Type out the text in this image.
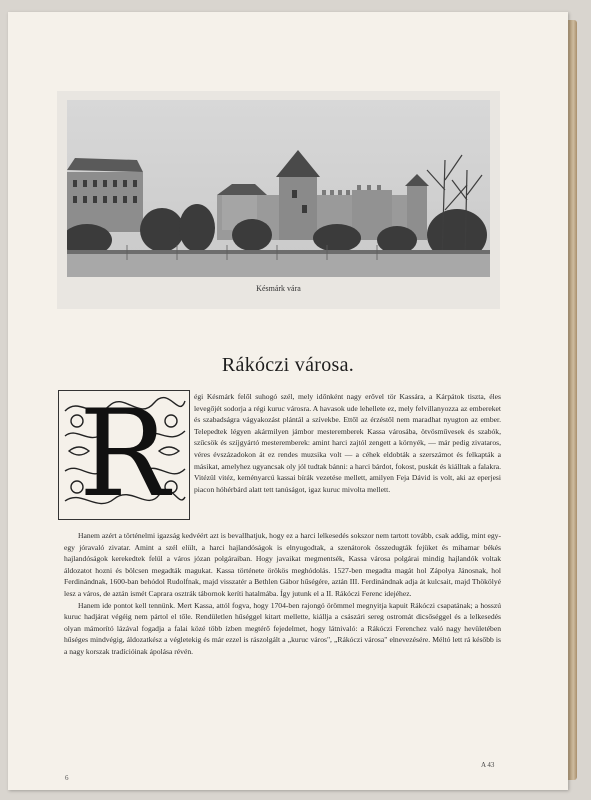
Késmárk vára
Rákóczi városa.
R	égi Késmárk felől suhogó szél, mely időnként nagy erővel tör Kassára, a Kárpátok tiszta, éles levegőjét sodorja a régi kuruc városra. A havasok ude lehellete ez, mely felvillanyozza az embereket és szabadságra vágyakozást plántál a szívekbe. Ettől az érzéstől nem maradhat nyugton az ember. Telepedtek légyen akármilyen jámbor mesteremberek Kassa városába, ötvösművesek és szabók, szűcsök és szíjgyártó mesteremberek: amint harci zajtól zengett a környék, — már pedig zivataros, véres évszázadokon át ez rendes muzsika volt — a céhek eldobták a szerszámot és felkapták a másikat, amelyhez ugyancsak oly jól tudtak bánni: a harci bárdot, fokost, puskát és kiálltak a falakra. Vitézül vitéz, keményarcú kassai bírák vezetése mellett, amilyen Feja Dávid is volt, aki az eperjesi piacon hóhérbárd alatt tett tanúságot, igaz kuruc mivolta mellett.

Hanem azért a történelmi igazság kedvéért azt is bevallhatjuk, hogy ez a harci lelkesedés sokszor nem tartott tovább, csak addig, mint egy-egy jóravaló zivatar. Amint a szél elült, a harci hajlandóságok is elnyugodtak, a szenátorok összedugták fejüket és mihamar békés hajlandóságok kerekedtek felül a város józan polgáraiban. Hogy javaikat megmentsék, Kassa városa polgárai mindig hajlandók voltak áldozatot hozni és bölcsen megadták magukat. Kassa története örökös meghódolás. 1527-ben megadta magát hol Zápolya Jánosnak, hol Ferdinándnak, 1600-ban behódol Rudolfnak, majd visszatér a Bethlen Gábor hűségére, aztán III. Ferdinándnak adja át kulcsait, majd Thökölyé lesz a város, de aztán ismét Caprara osztrák tábornok keríti hatalmába. Így jutunk el a II. Rákóczi Ferenc idejéhez.

Hanem ide pontot kell tennünk. Mert Kassa, attól fogva, hogy 1704-ben rajongó örömmel megnyitja kapuit Rákóczi csapatának; a hosszú kuruc hadjárat végéig nem pártol el tőle. Rendületlen hűséggel kitart mellette, kiállja a császári sereg ostromát dicsőséggel és a lelkesedés olyan mámorító lázával fogadja a falai közé több ízben megtérő fejedelmet, hogy látnivaló: a Rákóczi Ferenchez való nagy hevületében hűséges mindvégig, áldozatkész a végletekig és már ezzel is rászolgált a „kuruc város", „Rákóczi városa" elnevezésére. Méltó lett rá később is a nagy korszak tradícióinak ápolása révén.

6
A 43
